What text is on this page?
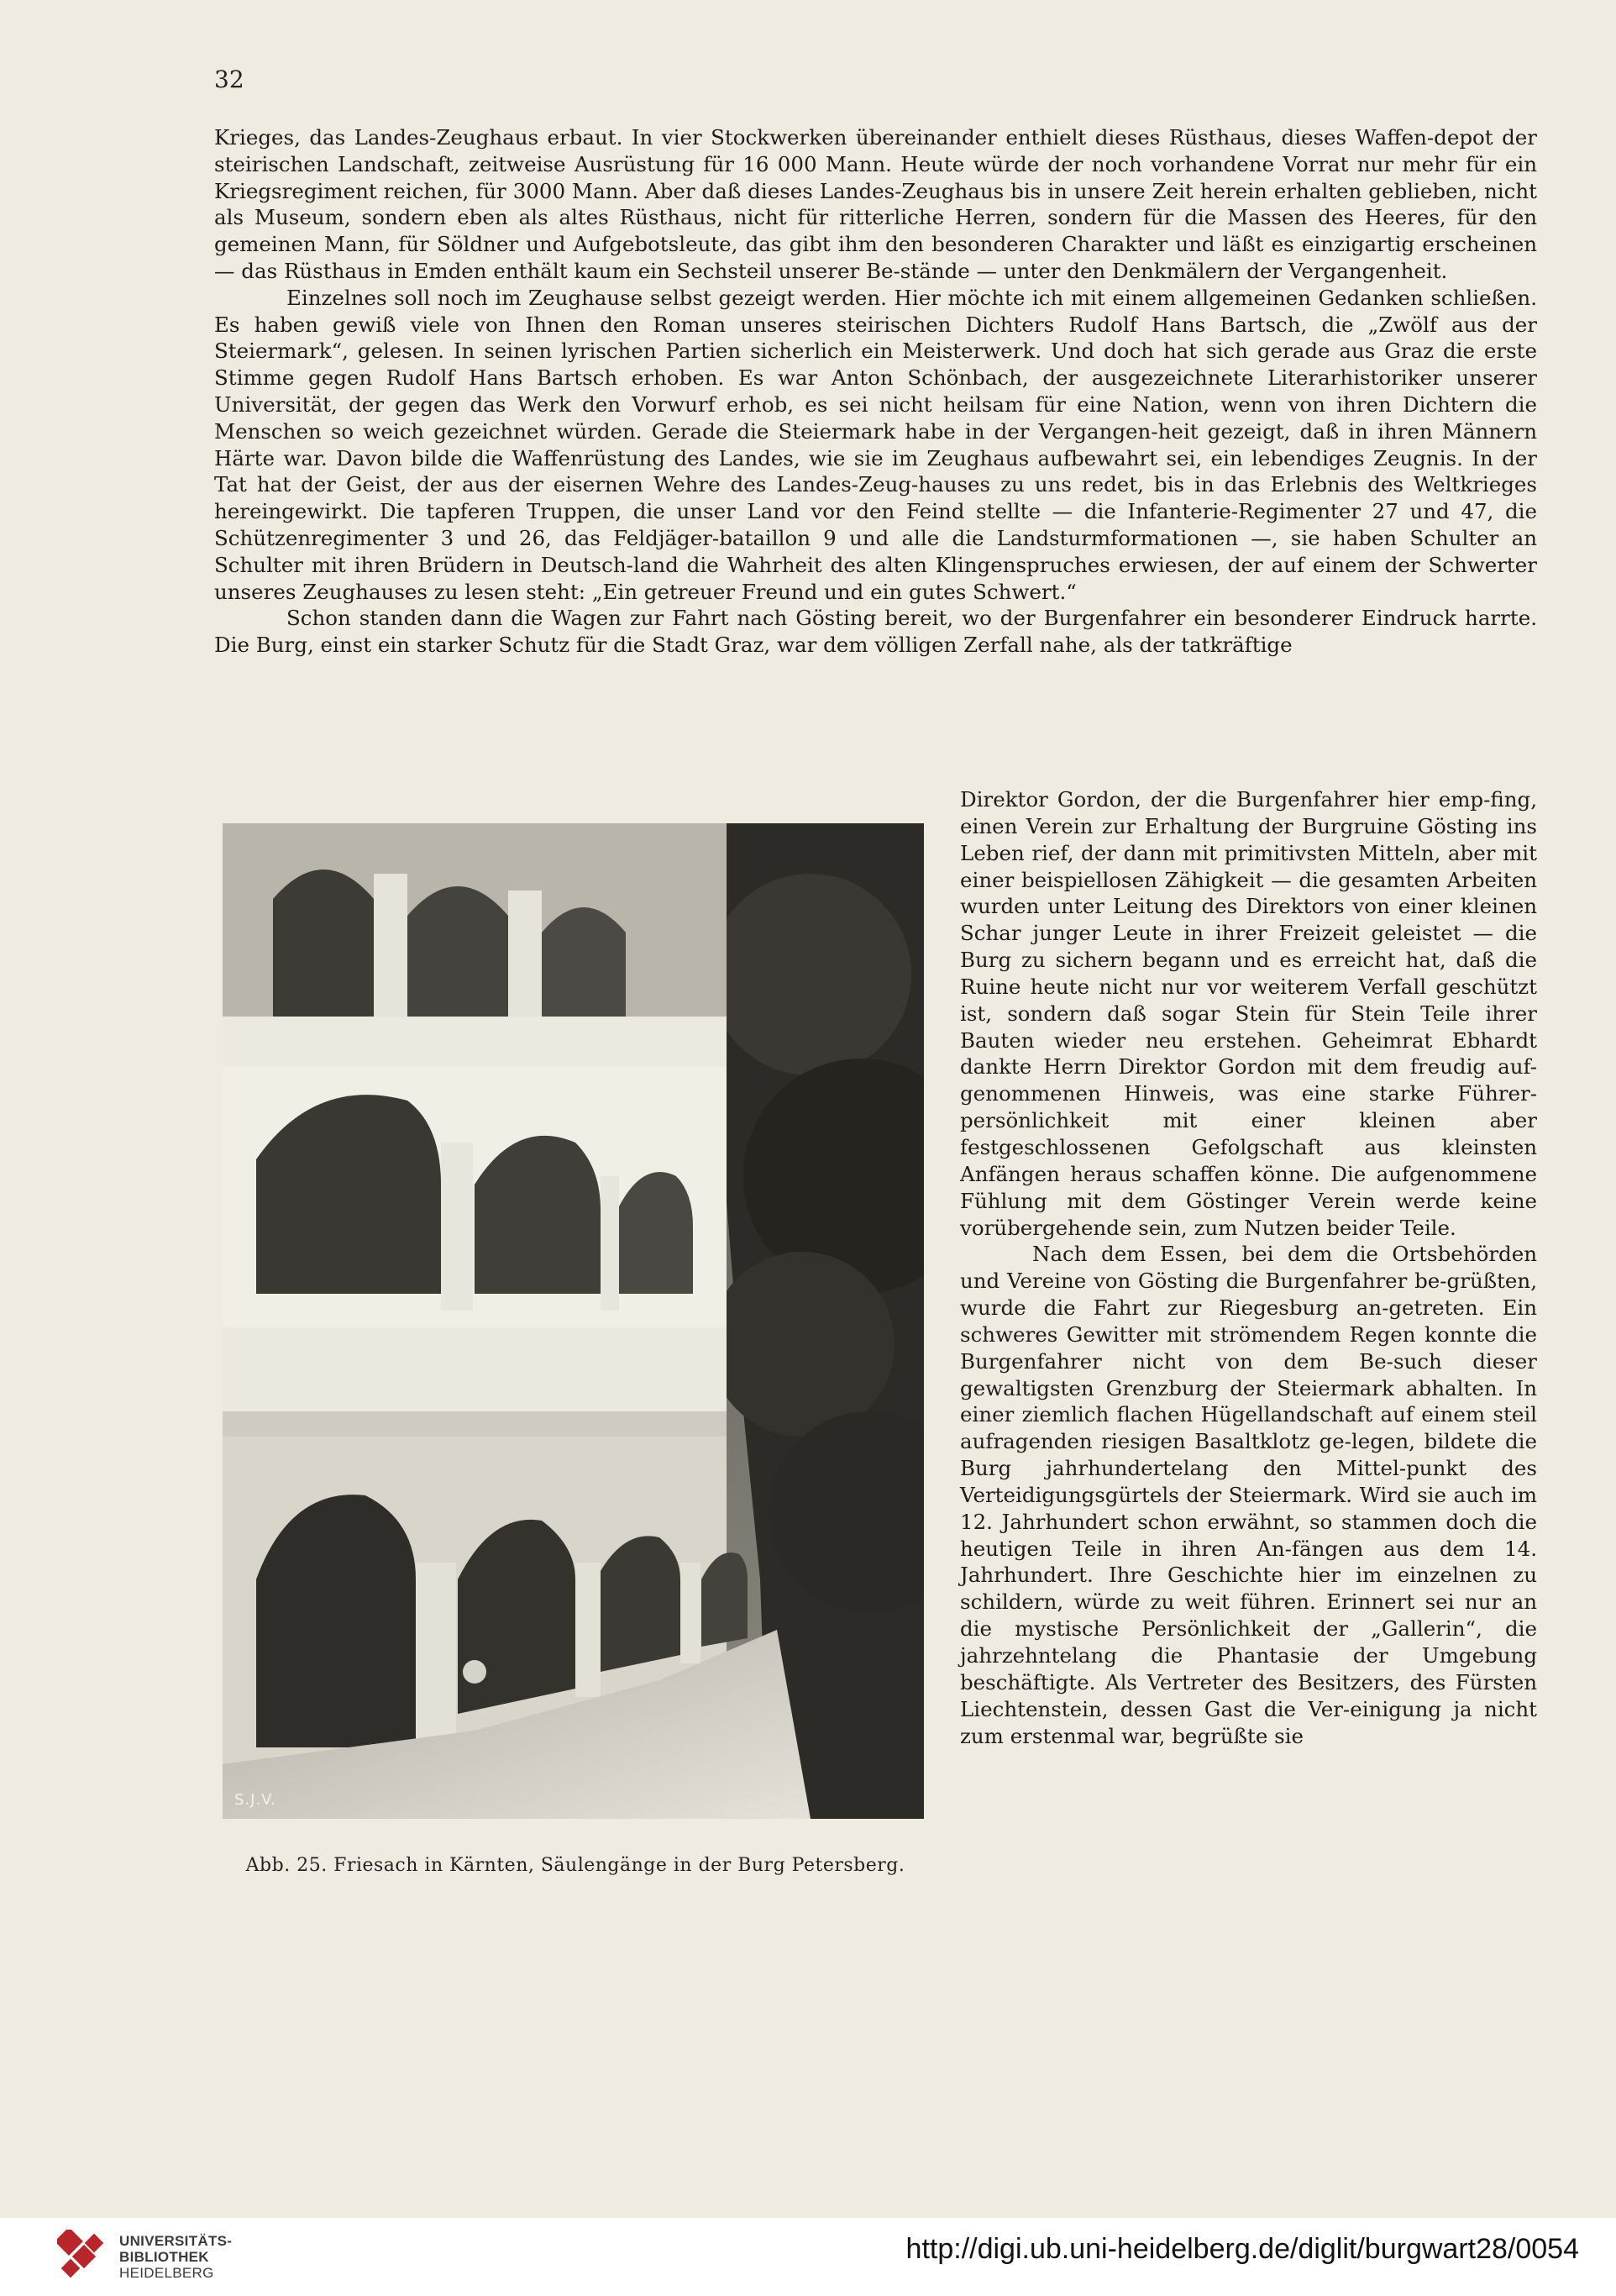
32

Krieges, das Landes-Zeughaus erbaut. In vier Stockwerken übereinander enthielt dieses Rüsthaus, dieses Waffen-depot der steirischen Landschaft, zeitweise Ausrüstung für 16 000 Mann. Heute würde der noch vorhandene Vorrat nur mehr für ein Kriegsregiment reichen, für 3000 Mann. Aber daß dieses Landes-Zeughaus bis in unsere Zeit herein erhalten geblieben, nicht als Museum, sondern eben als altes Rüsthaus, nicht für ritterliche Herren, sondern für die Massen des Heeres, für den gemeinen Mann, für Söldner und Aufgebotsleute, das gibt ihm den besonderen Charakter und läßt es einzigartig erscheinen — das Rüsthaus in Emden enthält kaum ein Sechsteil unserer Be-stände — unter den Denkmälern der Vergangenheit.

Einzelnes soll noch im Zeughause selbst gezeigt werden. Hier möchte ich mit einem allgemeinen Gedanken schließen. Es haben gewiß viele von Ihnen den Roman unseres steirischen Dichters Rudolf Hans Bartsch, die „Zwölf aus der Steiermark“, gelesen. In seinen lyrischen Partien sicherlich ein Meisterwerk. Und doch hat sich gerade aus Graz die erste Stimme gegen Rudolf Hans Bartsch erhoben. Es war Anton Schönbach, der ausgezeichnete Literarhistoriker unserer Universität, der gegen das Werk den Vorwurf erhob, es sei nicht heilsam für eine Nation, wenn von ihren Dichtern die Menschen so weich gezeichnet würden. Gerade die Steiermark habe in der Vergangen-heit gezeigt, daß in ihren Männern Härte war. Davon bilde die Waffenrüstung des Landes, wie sie im Zeughaus aufbewahrt sei, ein lebendiges Zeugnis. In der Tat hat der Geist, der aus der eisernen Wehre des Landes-Zeug-hauses zu uns redet, bis in das Erlebnis des Weltkrieges hereingewirkt. Die tapferen Truppen, die unser Land vor den Feind stellte — die Infanterie-Regimenter 27 und 47, die Schützenregimenter 3 und 26, das Feldjäger-bataillon 9 und alle die Landsturmformationen —, sie haben Schulter an Schulter mit ihren Brüdern in Deutsch-land die Wahrheit des alten Klingenspruches erwiesen, der auf einem der Schwerter unseres Zeughauses zu lesen steht: „Ein getreuer Freund und ein gutes Schwert.“

Schon standen dann die Wagen zur Fahrt nach Gösting bereit, wo der Burgenfahrer ein besonderer Eindruck harrte. Die Burg, einst ein starker Schutz für die Stadt Graz, war dem völligen Zerfall nahe, als der tatkräftige

S.J.V.
Abb. 25. Friesach in Kärnten, Säulengänge in der Burg Petersberg.

Direktor Gordon, der die Burgenfahrer hier emp-fing, einen Verein zur Erhaltung der Burgruine Gösting ins Leben rief, der dann mit primitivsten Mitteln, aber mit einer beispiellosen Zähigkeit — die gesamten Arbeiten wurden unter Leitung des Direktors von einer kleinen Schar junger Leute in ihrer Freizeit geleistet — die Burg zu sichern begann und es erreicht hat, daß die Ruine heute nicht nur vor weiterem Verfall geschützt ist, sondern daß sogar Stein für Stein Teile ihrer Bauten wieder neu erstehen. Geheimrat Ebhardt dankte Herrn Direktor Gordon mit dem freudig auf-genommenen Hinweis, was eine starke Führer-persönlichkeit mit einer kleinen aber festgeschlossenen Gefolgschaft aus kleinsten Anfängen heraus schaffen könne. Die aufgenommene Fühlung mit dem Göstinger Verein werde keine vorübergehende sein, zum Nutzen beider Teile.

Nach dem Essen, bei dem die Ortsbehörden und Vereine von Gösting die Burgenfahrer be-grüßten, wurde die Fahrt zur Riegesburg an-getreten. Ein schweres Gewitter mit strömendem Regen konnte die Burgenfahrer nicht von dem Be-such dieser gewaltigsten Grenzburg der Steiermark abhalten. In einer ziemlich flachen Hügellandschaft auf einem steil aufragenden riesigen Basaltklotz ge-legen, bildete die Burg jahrhundertelang den Mittel-punkt des Verteidigungsgürtels der Steiermark. Wird sie auch im 12. Jahrhundert schon erwähnt, so stammen doch die heutigen Teile in ihren An-fängen aus dem 14. Jahrhundert. Ihre Geschichte hier im einzelnen zu schildern, würde zu weit führen. Erinnert sei nur an die mystische Persönlichkeit der „Gallerin“, die jahrzehntelang die Phantasie der Umgebung beschäftigte. Als Vertreter des Besitzers, des Fürsten Liechtenstein, dessen Gast die Ver-einigung ja nicht zum erstenmal war, begrüßte sie

UNIVERSITÄTS-
BIBLIOTHEK
HEIDELBERG
http://digi.ub.uni-heidelberg.de/diglit/burgwart28/0054
